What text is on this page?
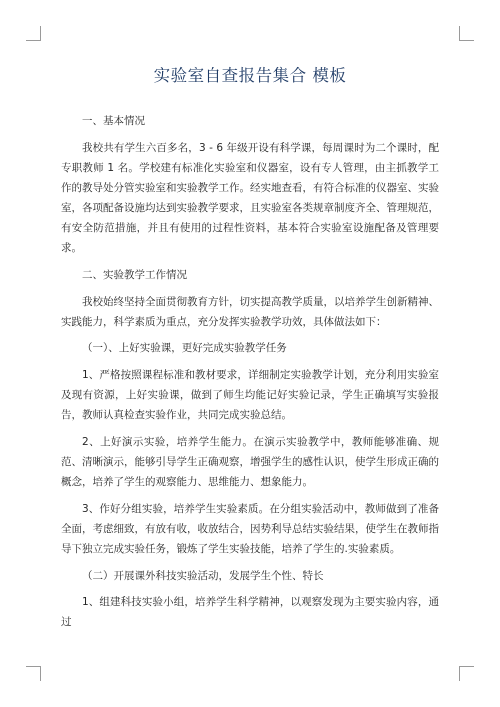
实验室自查报告集合 模板

一、基本情况

我校共有学生六百多名，3 - 6 年级开设有科学课，每周课时为二个课时，配专职教师 1 名。学校建有标准化实验室和仪器室，设有专人管理，由主抓教学工作的教导处分管实验室和实验教学工作。经实地查看，有符合标准的仪器室、实验室，各项配备设施均达到实验教学要求，且实验室各类规章制度齐全、管理规范，有安全防范措施，并且有使用的过程性资料，基本符合实验室设施配备及管理要求。

二、实验教学工作情况

我校始终坚持全面贯彻教育方针，切实提高教学质量，以培养学生创新精神、实践能力，科学素质为重点，充分发挥实验教学功效，具体做法如下：

（一）、上好实验课，更好完成实验教学任务

1、严格按照课程标准和教材要求，详细制定实验教学计划，充分利用实验室及现有资源，上好实验课，做到了师生均能记好实验记录，学生正确填写实验报告，教师认真检查实验作业，共同完成实验总结。

2、上好演示实验，培养学生能力。在演示实验教学中，教师能够准确、规范、清晰演示，能够引导学生正确观察，增强学生的感性认识，使学生形成正确的概念，培养了学生的观察能力、思维能力、想象能力。

3、作好分组实验，培养学生实验素质。在分组实验活动中，教师做到了准备全面，考虑细致，有放有收，收放结合，因势利导总结实验结果，使学生在教师指导下独立完成实验任务，锻炼了学生实验技能，培养了学生的.实验素质。

（二）开展课外科技实验活动，发展学生个性、特长

1、组建科技实验小组，培养学生科学精神，以观察发现为主要实验内容，通过
